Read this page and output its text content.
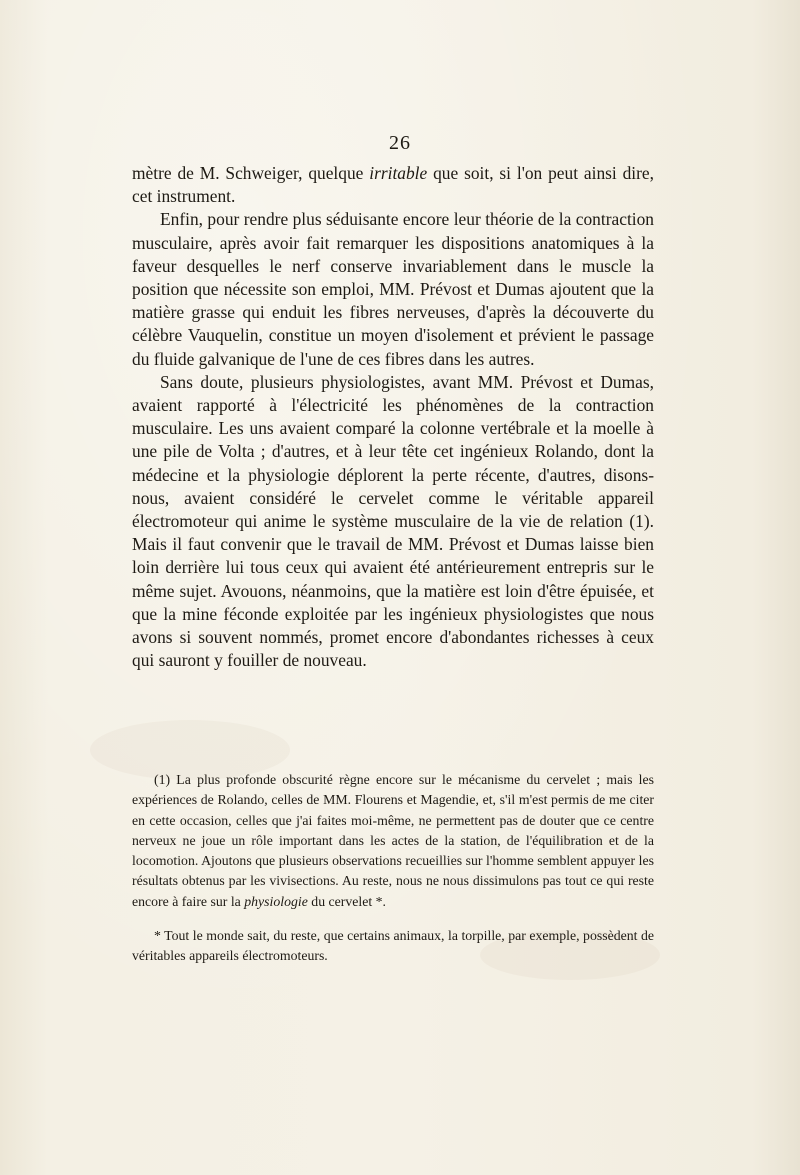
26

mètre de M. Schweiger, quelque irritable que soit, si l'on peut ainsi dire, cet instrument.

Enfin, pour rendre plus séduisante encore leur théorie de la contraction musculaire, après avoir fait remarquer les dispositions anatomiques à la faveur desquelles le nerf conserve invariablement dans le muscle la position que nécessite son emploi, MM. Prévost et Dumas ajoutent que la matière grasse qui enduit les fibres nerveuses, d'après la découverte du célèbre Vauquelin, constitue un moyen d'isolement et prévient le passage du fluide galvanique de l'une de ces fibres dans les autres.

Sans doute, plusieurs physiologistes, avant MM. Prévost et Dumas, avaient rapporté à l'électricité les phénomènes de la contraction musculaire. Les uns avaient comparé la colonne vertébrale et la moelle à une pile de Volta ; d'autres, et à leur tête cet ingénieux Rolando, dont la médecine et la physiologie déplorent la perte récente, d'autres, disons-nous, avaient considéré le cervelet comme le véritable appareil électromoteur qui anime le système musculaire de la vie de relation (1). Mais il faut convenir que le travail de MM. Prévost et Dumas laisse bien loin derrière lui tous ceux qui avaient été antérieurement entrepris sur le même sujet. Avouons, néanmoins, que la matière est loin d'être épuisée, et que la mine féconde exploitée par les ingénieux physiologistes que nous avons si souvent nommés, promet encore d'abondantes richesses à ceux qui sauront y fouiller de nouveau.

(1) La plus profonde obscurité règne encore sur le mécanisme du cervelet ; mais les expériences de Rolando, celles de MM. Flourens et Magendie, et, s'il m'est permis de me citer en cette occasion, celles que j'ai faites moi-même, ne permettent pas de douter que ce centre nerveux ne joue un rôle important dans les actes de la station, de l'équilibration et de la locomotion. Ajoutons que plusieurs observations recueillies sur l'homme semblent appuyer les résultats obtenus par les vivisections. Au reste, nous ne nous dissimulons pas tout ce qui reste encore à faire sur la physiologie du cervelet *.

* Tout le monde sait, du reste, que certains animaux, la torpille, par exemple, possèdent de véritables appareils électromoteurs.
